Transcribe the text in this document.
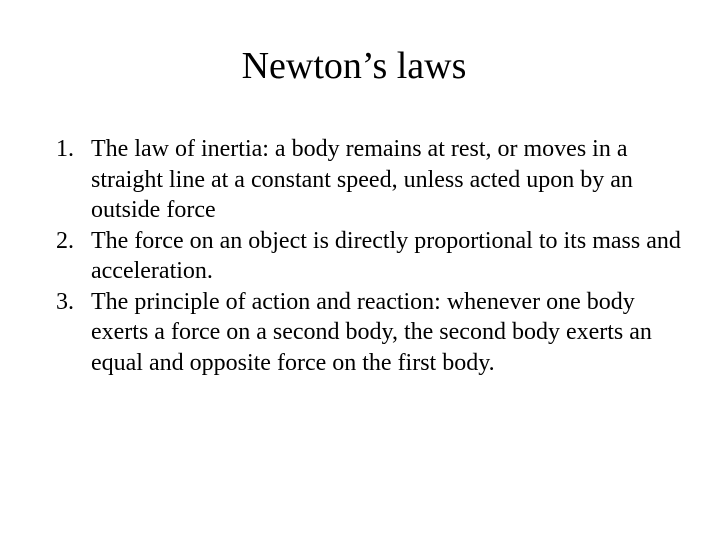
Newton’s laws
1. The law of inertia: a body remains at rest, or moves in a straight line at a constant speed, unless acted upon by an outside force
2. The force on an object is directly proportional to its mass and acceleration.
3. The principle of action and reaction: whenever one body exerts a force on a second body, the second body exerts an equal and opposite force on the first body.
